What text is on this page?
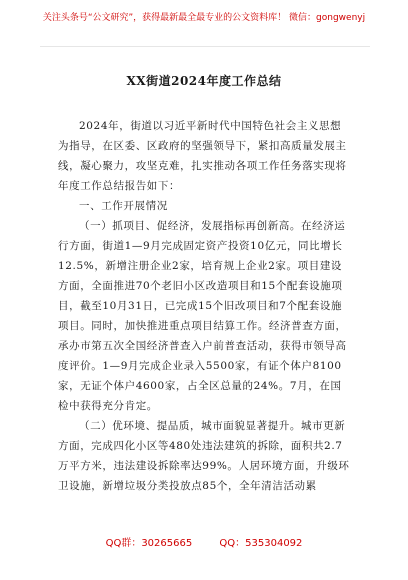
关注头条号“公文研究”，获得最新最全最专业的公文资料库！ 微信：gongwenyj
XX街道2024年度工作总结

2024年，街道以习近平新时代中国特色社会主义思想为指导，在区委、区政府的坚强领导下，紧扣高质量发展主线，凝心聚力，攻坚克难，扎实推动各项工作任务落实现将年度工作总结报告如下：

一、工作开展情况

（一）抓项目、促经济，发展指标再创新高。在经济运行方面，街道1—9月完成固定资产投资10亿元，同比增长12.5%，新增注册企业2家，培育规上企业2家。项目建设方面，全面推进70个老旧小区改造项目和15个配套设施项目，截至10月31日，已完成15个旧改项目和7个配套设施项目。同时，加快推进重点项目结算工作。经济普查方面，承办市第五次全国经济普查入户前普查活动，获得市领导高度评价。1—9月完成企业录入5500家，有证个体户8100家，无证个体户4600家，占全区总量的24%。7月，在国检中获得充分肯定。

（二）优环境、提品质，城市面貌显著提升。城市更新方面，完成四化小区等480处违法建筑的拆除，面积共2.7万平方米，违法建设拆除率达99%。人居环境方面，升级环卫设施，新增垃圾分类投放点85个，全年清洁活动累

QQ群：30265665	QQ：535304092
